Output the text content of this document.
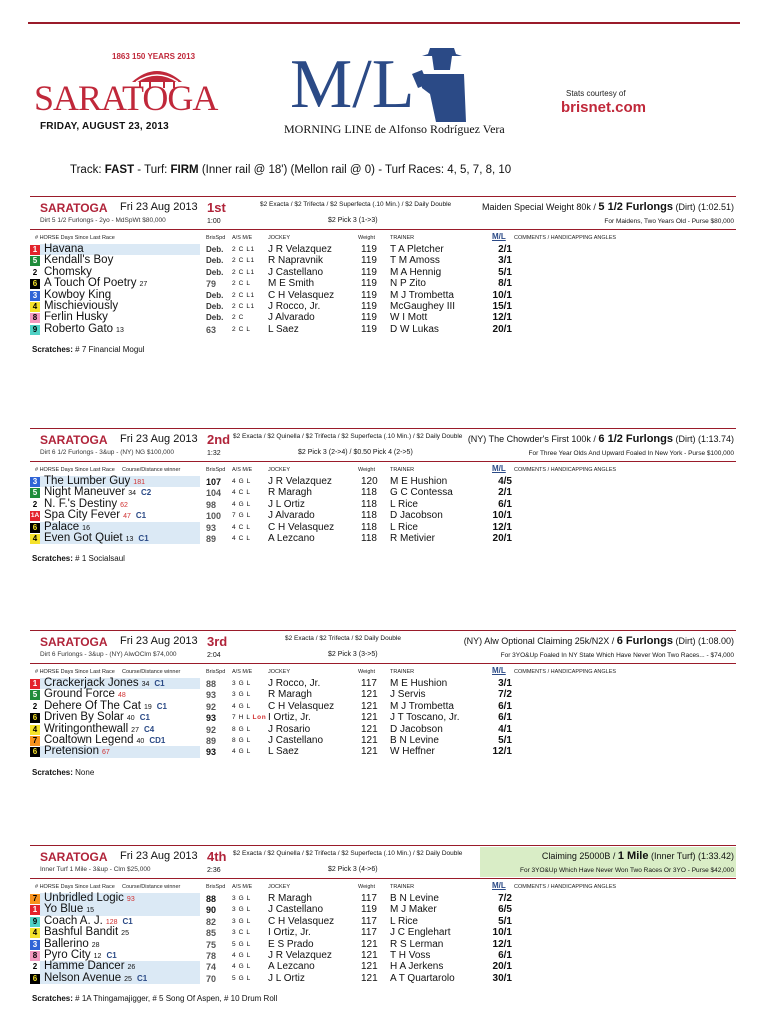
1863 150 YEARS 2013
SARATOGA
FRIDAY, AUGUST 23, 2013
M/L
MORNING LINE de Alfonso Rodríguez Vera
Stats courtesy of
brisnet.com
Track: FAST - Turf: FIRM (Inner rail @ 18') (Mellon rail @ 0) - Turf Races: 4, 5, 7, 8, 10
SARATOGA Fri 23 Aug 2013
Dirt 5 1/2 Furlongs - 2yo - MdSpWt $80,000
1st
1:00
$2 Exacta / $2 Trifecta / $2 Superfecta (.10 Min.) / $2 Daily Double
$2 Pick 3 (1->3)
Maiden Special Weight 80k / 5 1/2 Furlongs (Dirt) (1:02.51)
For Maidens, Two Years Old - Purse $80,000
# HORSE Days Since Last Race	BrisSpd A/S M/E	JOCKEY	Weight	TRAINER	COMMENTS / HANDICAPPING ANGLES
M/L
1 Havana	Deb.	2 C L1 J R Velazquez	119 T A Pletcher	2/1
5 Kendall's Boy	Deb.	2 C L1 R Napravnik	119 T M Amoss	3/1
2 Chomsky	Deb.	2 C L1 J Castellano	119 M A Hennig	5/1
6 A Touch Of Poetry 27	79	2 C L M E Smith	119 N P Zito	8/1
3 Kowboy King	Deb.	2 C L1 C H Velasquez	119 M J Trombetta	10/1
4 Mischieviously	Deb.	2 C L1 J Rocco, Jr.	119 McGaughey III	15/1
8 Ferlin Husky	Deb.	2 C J Alvarado	119 W I Mott	12/1
9 Roberto Gato 13	63	2 C L L Saez	119 D W Lukas	20/1
Scratches: # 7 Financial Mogul
SARATOGA Fri 23 Aug 2013
Dirt 6 1/2 Furlongs - 3&up - (NY) NG $100,000
2nd
1:32
$2 Exacta / $2 Quinella / $2 Trifecta / $2 Superfecta (.10 Min.) / $2 Daily Double
$2 Pick 3 (2->4) / $0.50 Pick 4 (2->5)
(NY) The Chowder's First 100k / 6 1/2 Furlongs (Dirt) (1:13.74)
For Three Year Olds And Upward Foaled In New York - Purse $100,000
# HORSE Days Since Last Race Course/Distance winner	BrisSpd A/S M/E	JOCKEY	Weight	TRAINER	COMMENTS / HANDICAPPING ANGLES
M/L
3 The Lumber Guy 181	107	4 G L J R Velazquez	120 M E Hushion	4/5
5 Night Maneuver 34 C2	104	4 C L R Maragh	118 G C Contessa	2/1
2 N. F.'s Destiny 62	98	4 G L J L Ortiz	118 L Rice	6/1
1A Spa City Fever 47 C1	100	7 G L J Alvarado	118 D Jacobson	10/1
6 Palace 16	93	4 C L C H Velasquez	118 L Rice	12/1
4 Even Got Quiet 13 C1	89	4 C L A Lezcano	118 R Metivier	20/1
Scratches: # 1 Socialsaul
SARATOGA Fri 23 Aug 2013
Dirt 6 Furlongs - 3&up - (NY) AlwOClm $74,000
3rd
2:04
$2 Exacta / $2 Trifecta / $2 Daily Double
$2 Pick 3 (3->5)
(NY) Alw Optional Claiming 25k/N2X / 6 Furlongs (Dirt) (1:08.00)
For 3YO&Up Foaled In NY State Which Have Never Won Two Races... - $74,000
# HORSE Days Since Last Race Course/Distance winner	BrisSpd A/S M/E	JOCKEY	Weight	TRAINER	COMMENTS / HANDICAPPING ANGLES
M/L
1 Crackerjack Jones 34 C1	88	3 G L J Rocco, Jr.	117 M E Hushion	3/1
5 Ground Force 48	93	3 G L R Maragh	121 J Servis	7/2
2 Dehere Of The Cat 19 C1	92	4 G L C H Velasquez	121 M J Trombetta	6/1
6 Driven By Solar 40 C1	93	7 H L Lon I Ortiz, Jr.	121 J T Toscano, Jr.	6/1
4 Writingonthewall 27 C4	92	8 G L J Rosario	121 D Jacobson	4/1
7 Coaltown Legend 40 CD1	89	8 G L J Castellano	121 B N Levine	5/1
6 Pretension 67	93	4 G L L Saez	121 W Heffner	12/1
Scratches: None
SARATOGA Fri 23 Aug 2013
Inner Turf 1 Mile - 3&up - Clm $25,000
4th
2:36
$2 Exacta / $2 Quinella / $2 Trifecta / $2 Superfecta (.10 Min.) / $2 Daily Double
$2 Pick 3 (4->6)
Claiming 25000B / 1 Mile (Inner Turf) (1:33.42)
For 3YO&Up Which Have Never Won Two Races Or 3YO - Purse $42,000
# HORSE Days Since Last Race Course/Distance winner	BrisSpd A/S M/E	JOCKEY	Weight	TRAINER	COMMENTS / HANDICAPPING ANGLES
M/L
7 Unbridled Logic 93	88	3 G L R Maragh	117 B N Levine	7/2
1 Yo Blue 15	90	3 G L J Castellano	119 M J Maker	6/5
9 Coach A. J. 128 C1	82	3 G L C H Velasquez	117 L Rice	5/1
4 Bashful Bandit 25	85	3 C L I Ortiz, Jr.	117 J C Englehart	10/1
3 Ballerino 28	75	5 G L E S Prado	121 R S Lerman	12/1
8 Pyro City 12 C1	78	4 G L J R Velazquez	121 T H Voss	6/1
2 Hamme Dancer 26	74	4 G L A Lezcano	121 H A Jerkens	20/1
6 Nelson Avenue 25 C1	70	5 G L J L Ortiz	121 A T Quartarolo	30/1
Scratches: # 1A Thingamajigger, # 5 Song Of Aspen, # 10 Drum Roll
